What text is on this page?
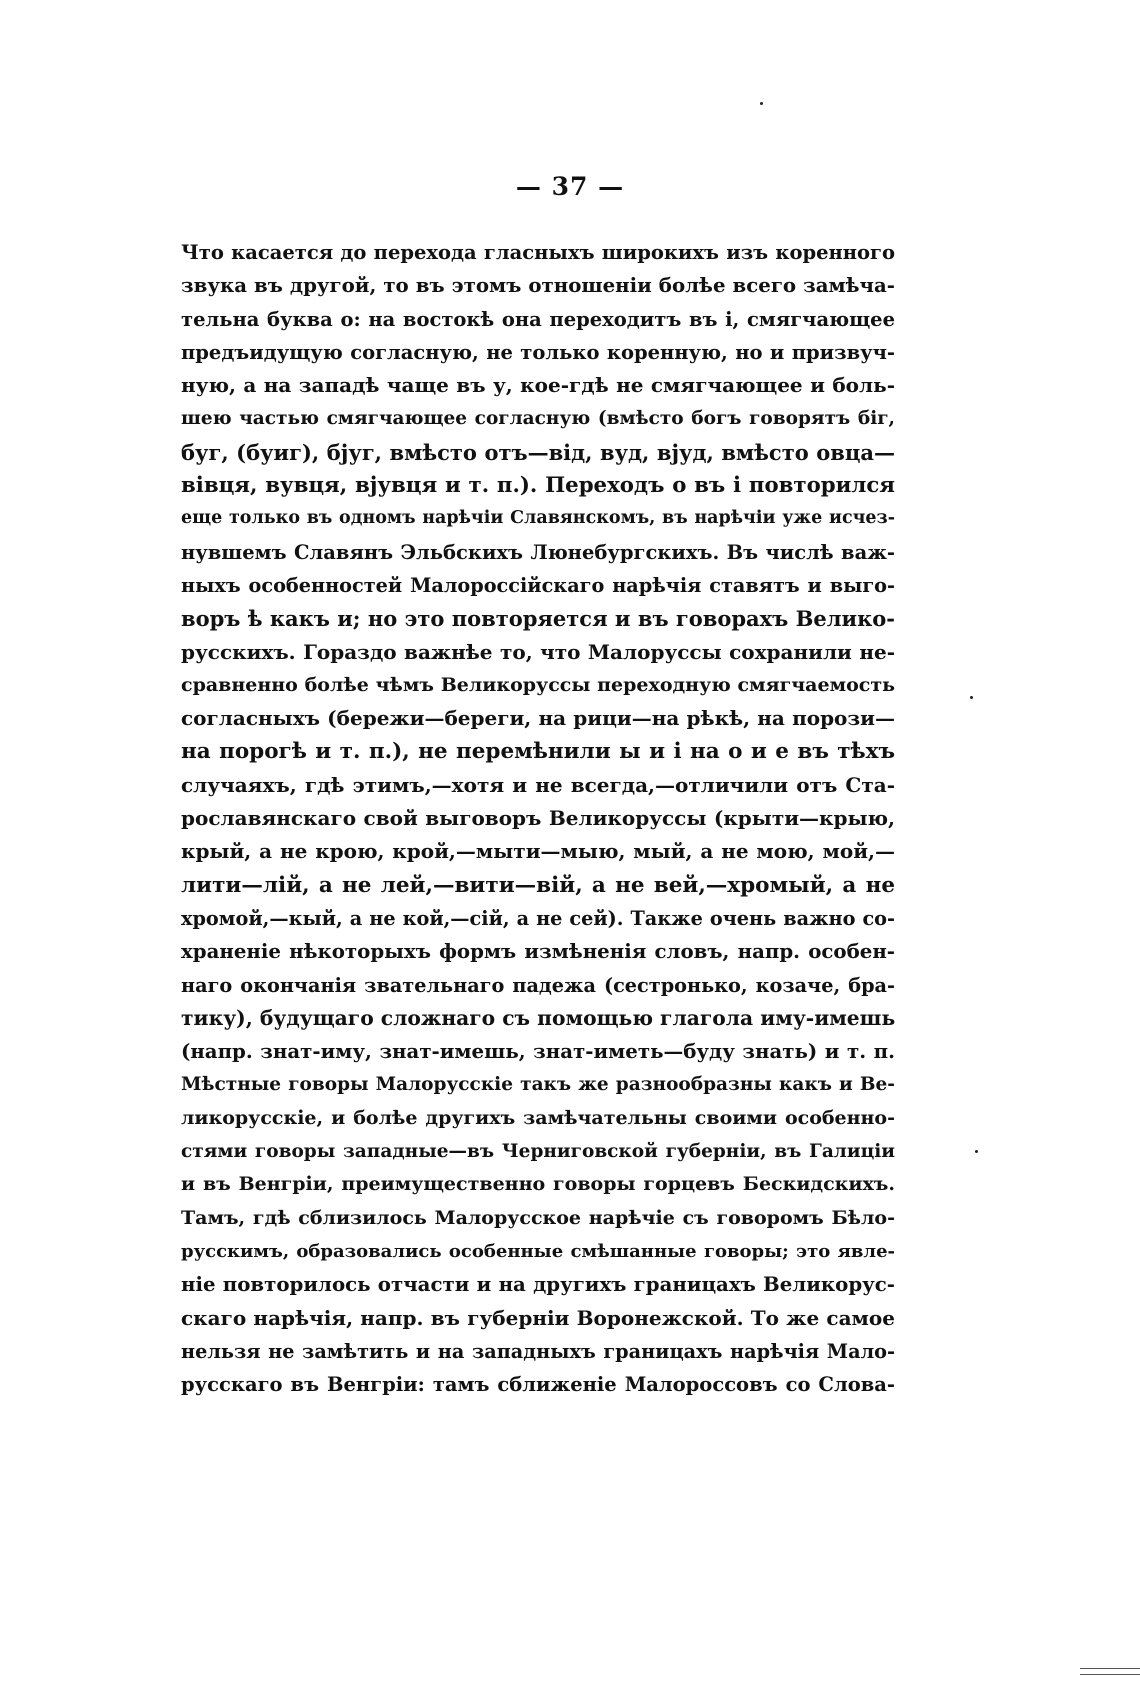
— 37 —
Что касается до перехода гласныхъ широкихъ изъ коренного
звука въ другой, то въ этомъ отношеніи болѣе всего замѣча-
тельна буква о: на востокѣ она переходитъ въ і, смягчающее
предъидущую согласную, не только коренную, но и призвуч-
ную, а на западѣ чаще въ у, кое-гдѣ не смягчающее и боль-
шею частью смягчающее согласную (вмѣсто богъ говорятъ біг,
буг, (буиг), бјуг, вмѣсто отъ—від, вуд, вјуд, вмѣсто овца—
вівця, вувця, вјувця и т. п.). Переходъ о въ і повторился
еще только въ одномъ нарѣчіи Славянскомъ, въ нарѣчіи уже исчез-
нувшемъ Славянъ Эльбскихъ Люнебургскихъ. Въ числѣ важ-
ныхъ особенностей Малороссійскаго нарѣчія ставятъ и выго-
воръ ѣ какъ и; но это повторяется и въ говорахъ Велико-
русскихъ. Гораздо важнѣе то, что Малоруссы сохранили не-
сравненно болѣе чѣмъ Великоруссы переходную смягчаемость
согласныхъ (бережи—береги, на рици—на рѣкѣ, на порози—
на порогѣ и т. п.), не перемѣнили ы и і на о и е въ тѣхъ
случаяхъ, гдѣ этимъ,—хотя и не всегда,—отличили отъ Ста-
рославянскаго свой выговоръ Великоруссы (крыти—крыю,
крый, а не крою, крой,—мыти—мыю, мый, а не мою, мой,—
лити—лій, а не лей,—вити—вій, а не вей,—хромый, а не
хромой,—кый, а не кой,—сій, а не сей). Также очень важно со-
храненіе нѣкоторыхъ формъ измѣненія словъ, напр. особен-
наго окончанія звательнаго падежа (сестронько, козаче, бра-
тику), будущаго сложнаго съ помощью глагола иму-имешь
(напр. знат-иму, знат-имешь, знат-иметь—буду знать) и т. п.
Мѣстные говоры Малорусскіе такъ же разнообразны какъ и Ве-
ликорусскіе, и болѣе другихъ замѣчательны своими особенно-
стями говоры западные—въ Черниговской губерніи, въ Галиціи
и въ Венгріи, преимущественно говоры горцевъ Бескидскихъ.
Тамъ, гдѣ сблизилось Малорусское нарѣчіе съ говоромъ Бѣло-
русскимъ, образовались особенные смѣшанные говоры; это явле-
ніе повторилось отчасти и на другихъ границахъ Великорус-
скаго нарѣчія, напр. въ губерніи Воронежской. То же самое
нельзя не замѣтить и на западныхъ границахъ нарѣчія Мало-
русскаго въ Венгріи: тамъ сближеніе Малороссовъ со Слова-
